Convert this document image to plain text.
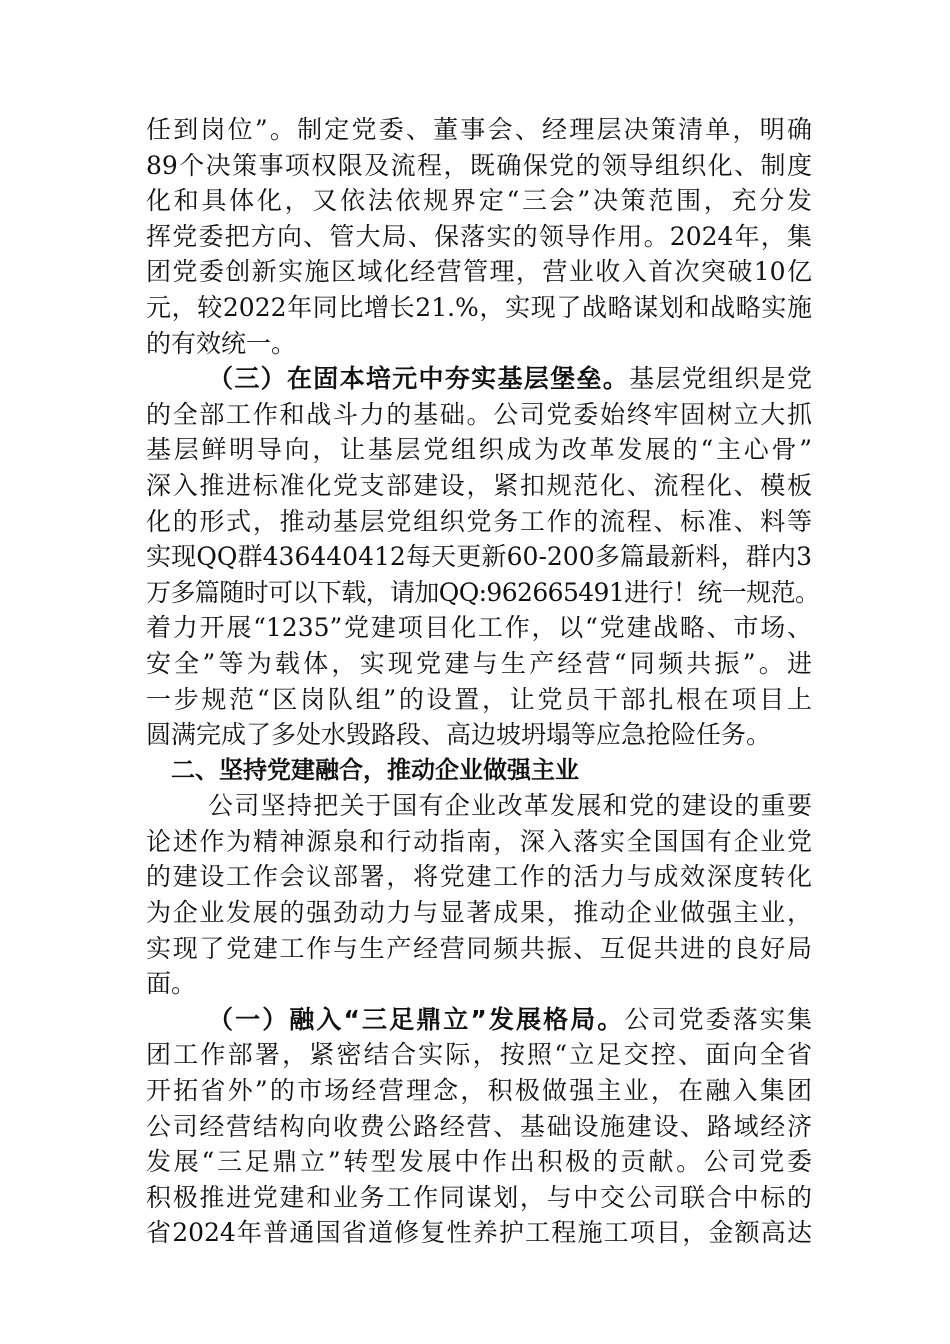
任到岗位”。制定党委、董事会、经理层决策清单，明确
89个决策事项权限及流程，既确保党的领导组织化、制度
化和具体化，又依法依规界定“三会”决策范围，充分发
挥党委把方向、管大局、保落实的领导作用。2024年，集
团党委创新实施区域化经营管理，营业收入首次突破10亿
元，较2022年同比增长21.%，实现了战略谋划和战略实施
的有效统一。
（三）在固本培元中夯实基层堡垒。基层党组织是党
的全部工作和战斗力的基础。公司党委始终牢固树立大抓
基层鲜明导向，让基层党组织成为改革发展的“主心骨”
深入推进标准化党支部建设，紧扣规范化、流程化、模板
化的形式，推动基层党组织党务工作的流程、标准、料等
实现QQ群436440412每天更新60-200多篇最新料，群内3
万多篇随时可以下载，请加QQ:962665491进行！统一规范。
着力开展“1235”党建项目化工作，以“党建战略、市场、
安全”等为载体，实现党建与生产经营“同频共振”。进
一步规范“区岗队组”的设置，让党员干部扎根在项目上
圆满完成了多处水毁路段、高边坡坍塌等应急抢险任务。
二、坚持党建融合，推动企业做强主业
公司坚持把关于国有企业改革发展和党的建设的重要
论述作为精神源泉和行动指南，深入落实全国国有企业党
的建设工作会议部署，将党建工作的活力与成效深度转化
为企业发展的强劲动力与显著成果，推动企业做强主业，
实现了党建工作与生产经营同频共振、互促共进的良好局
面。
（一）融入“三足鼎立”发展格局。公司党委落实集
团工作部署，紧密结合实际，按照“立足交控、面向全省
开拓省外”的市场经营理念，积极做强主业，在融入集团
公司经营结构向收费公路经营、基础设施建设、路域经济
发展“三足鼎立”转型发展中作出积极的贡献。公司党委
积极推进党建和业务工作同谋划，与中交公司联合中标的
省2024年普通国省道修复性养护工程施工项目，金额高达
